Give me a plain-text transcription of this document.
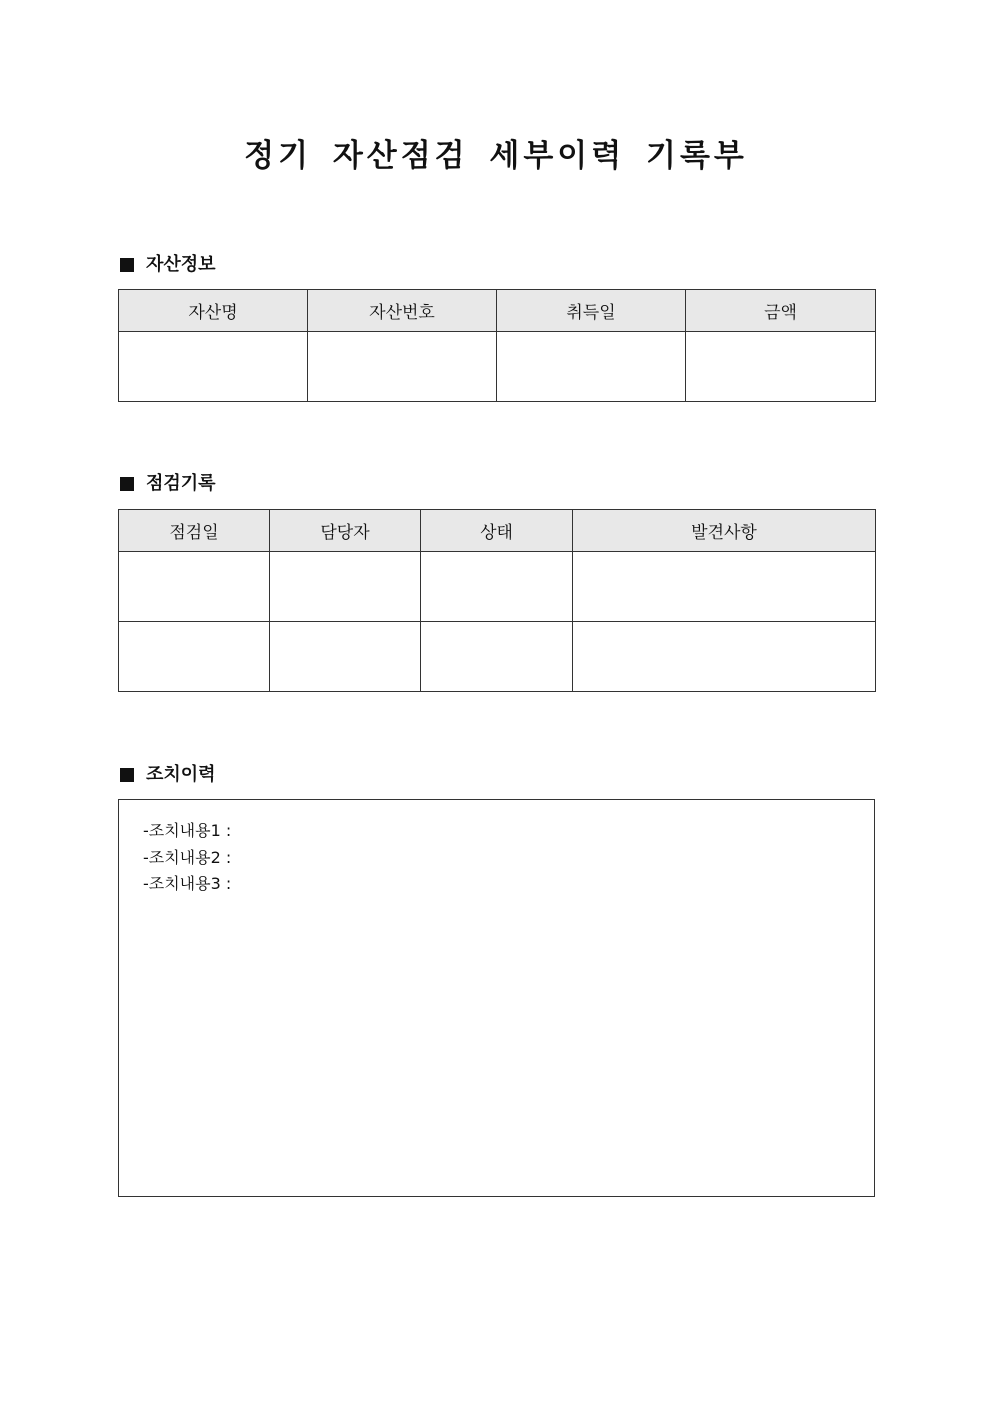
정기 자산점검 세부이력 기록부
자산정보
자산명	자산번호	취득일	금액

점검기록
점검일	담당자	상태	발견사항

조치이력
-조치내용1 :
-조치내용2 :
-조치내용3 :
